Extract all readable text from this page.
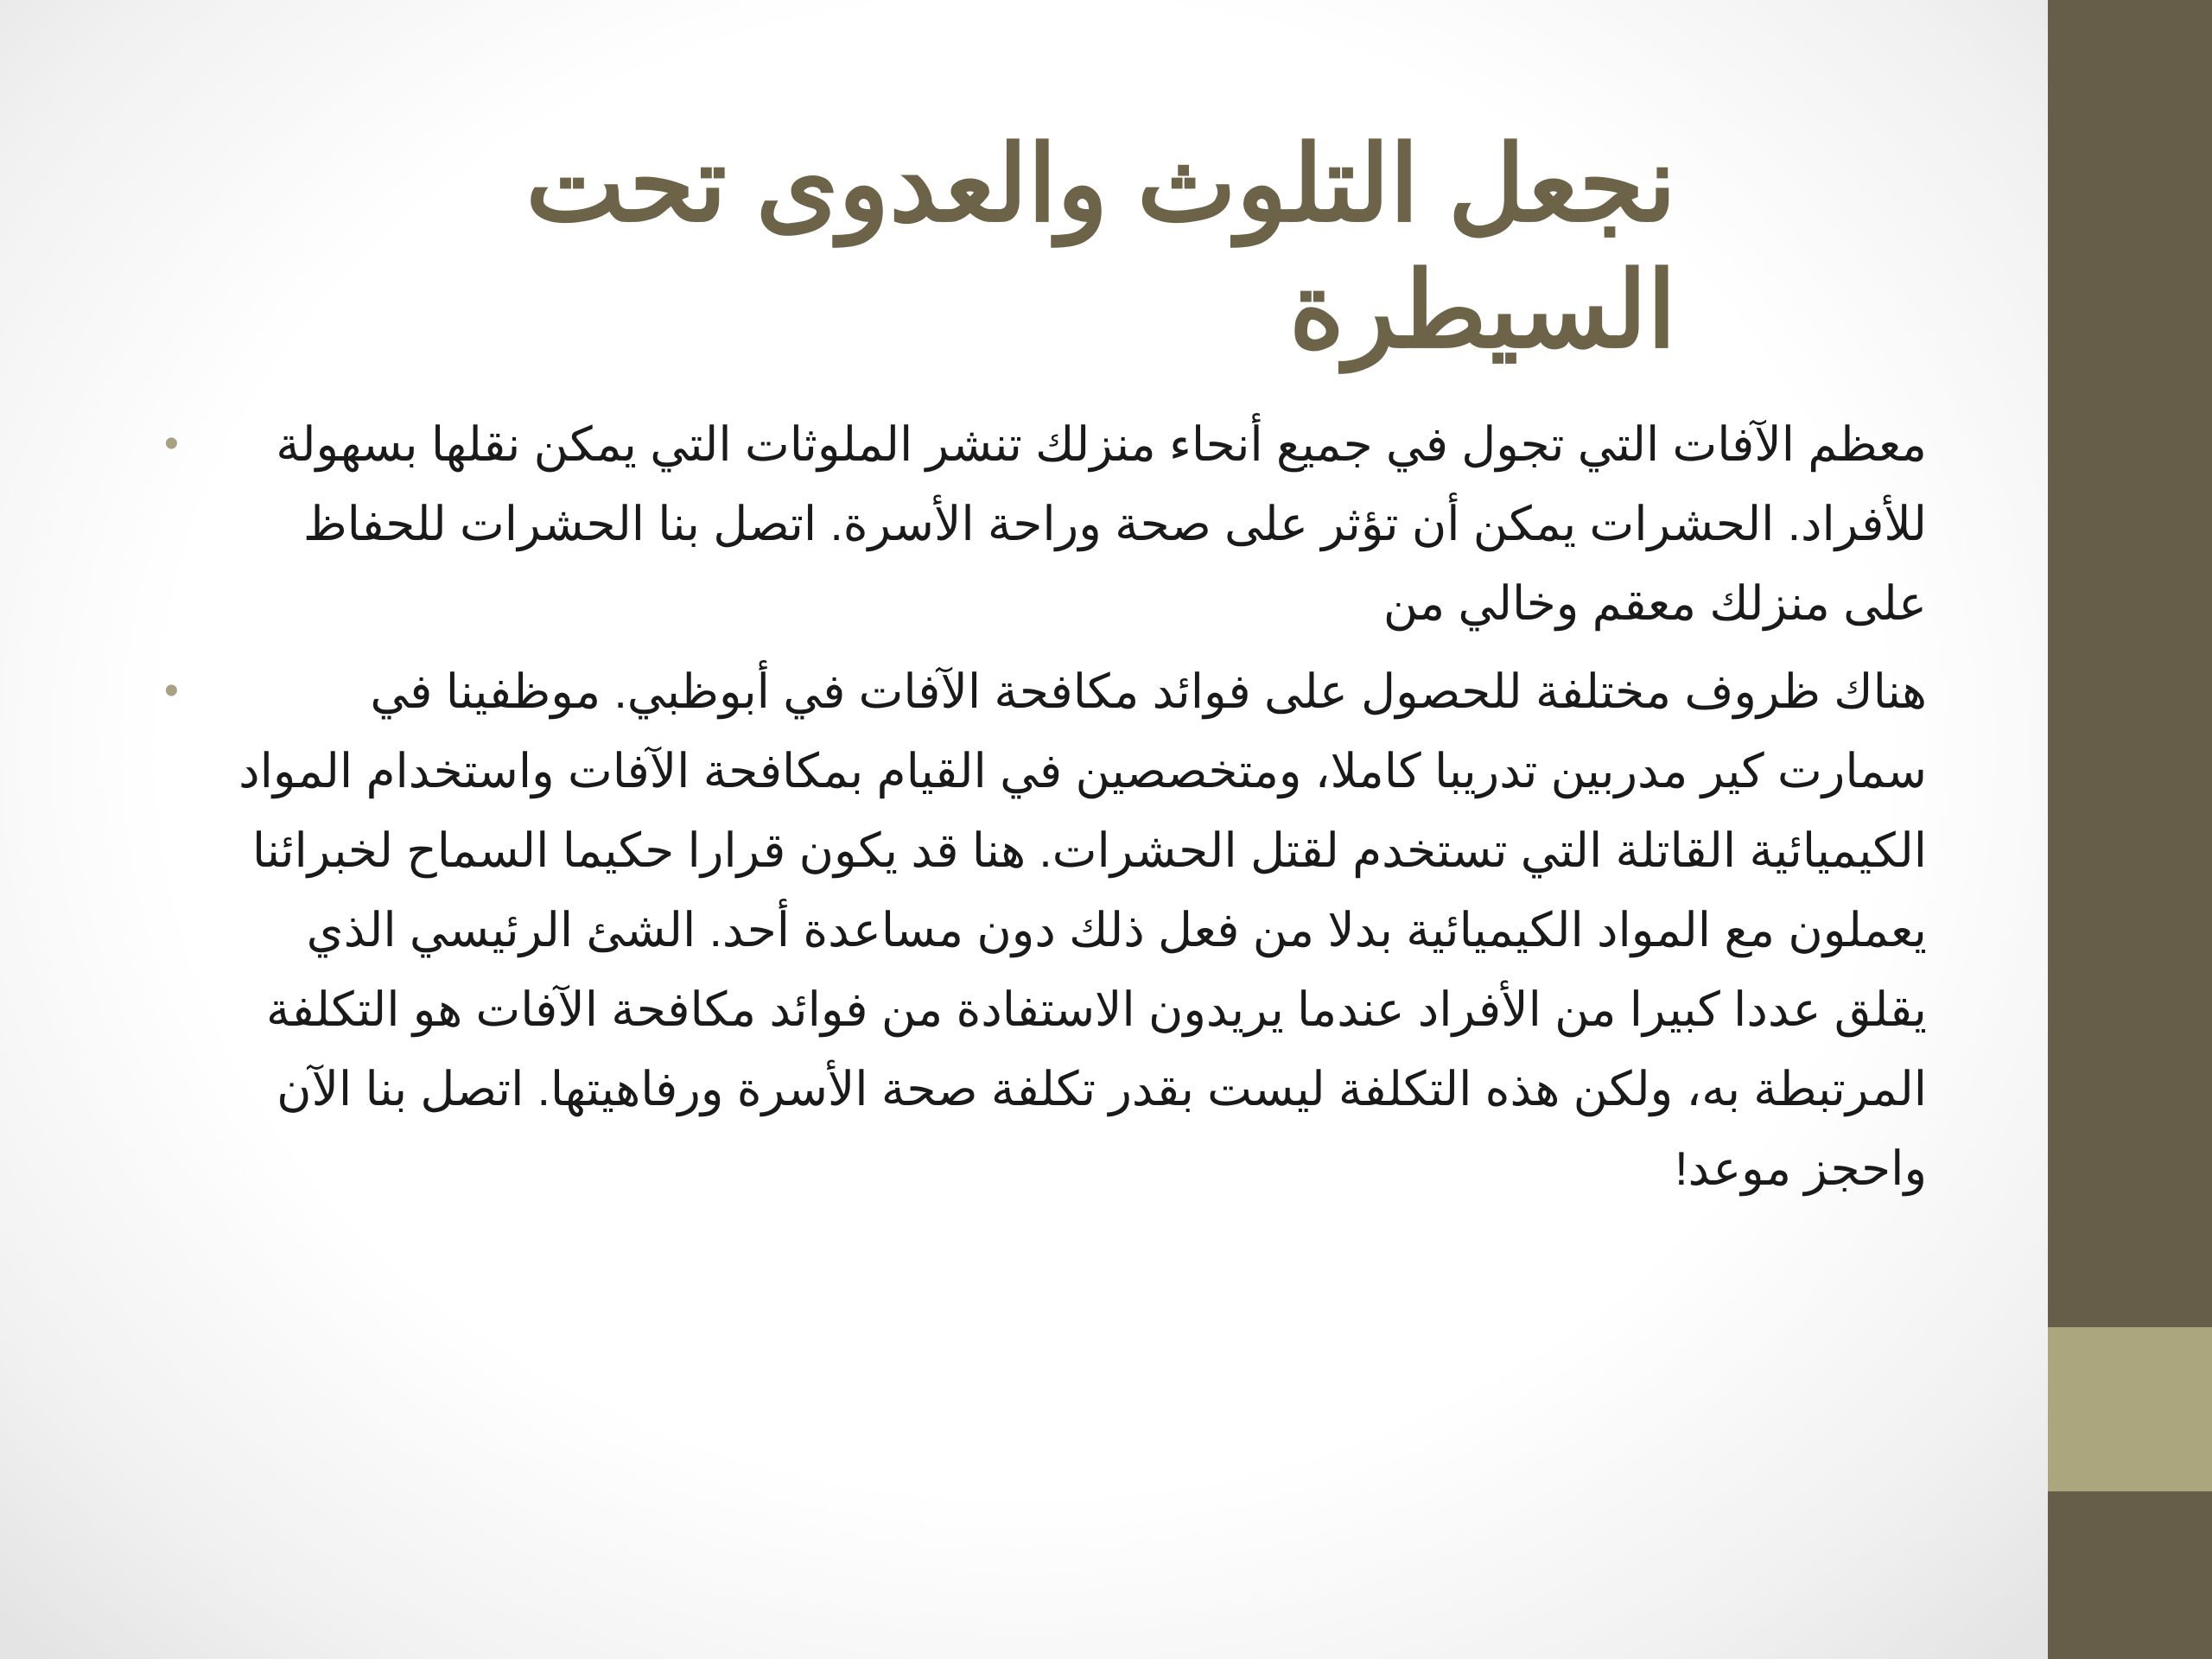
نجعل التلوث والعدوى تحت السيطرة
•	معظم الآفات التي تجول في جميع أنحاء منزلك تنشر الملوثات التي يمكن نقلها بسهولة للأفراد. الحشرات يمكن أن تؤثر على صحة وراحة الأسرة. اتصل بنا الحشرات للحفاظ على منزلك معقم وخالي من
•	هناك ظروف مختلفة للحصول على فوائد مكافحة الآفات في أبوظبي. موظفينا في سمارت كير مدربين تدريبا كاملا، ومتخصصين في القيام بمكافحة الآفات واستخدام المواد الكيميائية القاتلة التي تستخدم لقتل الحشرات. هنا قد يكون قرارا حكيما السماح لخبرائنا يعملون مع المواد الكيميائية بدلا من فعل ذلك دون مساعدة أحد. الشئ الرئيسي الذي يقلق عددا كبيرا من الأفراد عندما يريدون الاستفادة من فوائد مكافحة الآفات هو التكلفة المرتبطة به، ولكن هذه التكلفة ليست بقدر تكلفة صحة الأسرة ورفاهيتها. اتصل بنا الآن واحجز موعد!
